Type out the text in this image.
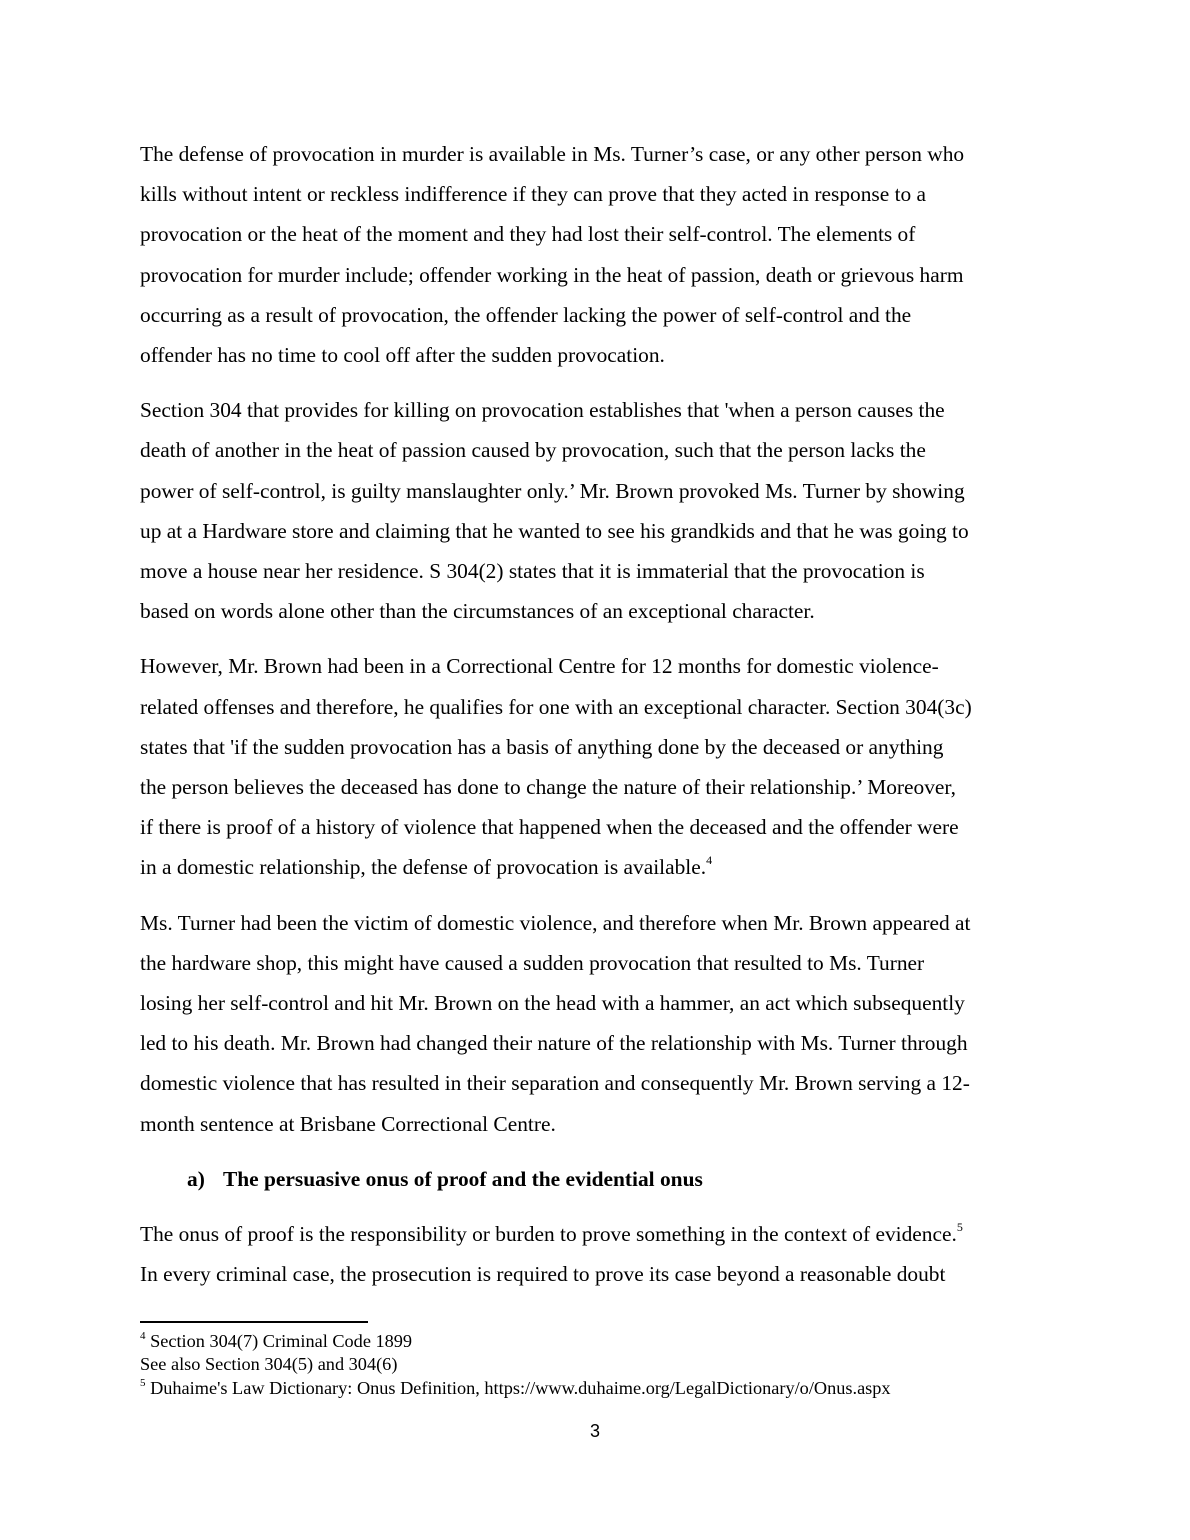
The defense of provocation in murder is available in Ms. Turner’s case, or any other person who
kills without intent or reckless indifference if they can prove that they acted in response to a
provocation or the heat of the moment and they had lost their self-control. The elements of
provocation for murder include; offender working in the heat of passion, death or grievous harm
occurring as a result of provocation, the offender lacking the power of self-control and the
offender has no time to cool off after the sudden provocation.

Section 304 that provides for killing on provocation establishes that 'when a person causes the
death of another in the heat of passion caused by provocation, such that the person lacks the
power of self-control, is guilty manslaughter only.’ Mr. Brown provoked Ms. Turner by showing
up at a Hardware store and claiming that he wanted to see his grandkids and that he was going to
move a house near her residence. S 304(2) states that it is immaterial that the provocation is
based on words alone other than the circumstances of an exceptional character.

However, Mr. Brown had been in a Correctional Centre for 12 months for domestic violence-
related offenses and therefore, he qualifies for one with an exceptional character. Section 304(3c)
states that 'if the sudden provocation has a basis of anything done by the deceased or anything
the person believes the deceased has done to change the nature of their relationship.’ Moreover,
if there is proof of a history of violence that happened when the deceased and the offender were
in a domestic relationship, the defense of provocation is available.$^4$

Ms. Turner had been the victim of domestic violence, and therefore when Mr. Brown appeared at
the hardware shop, this might have caused a sudden provocation that resulted to Ms. Turner
losing her self-control and hit Mr. Brown on the head with a hammer, an act which subsequently
led to his death. Mr. Brown had changed their nature of the relationship with Ms. Turner through
domestic violence that has resulted in their separation and consequently Mr. Brown serving a 12-
month sentence at Brisbane Correctional Centre.

a) The persuasive onus of proof and the evidential onus

The onus of proof is the responsibility or burden to prove something in the context of evidence.$^5$
In every criminal case, the prosecution is required to prove its case beyond a reasonable doubt

$^4$ Section 304(7) Criminal Code 1899
See also Section 304(5) and 304(6)
$^5$ Duhaime's Law Dictionary: Onus Definition, https://www.duhaime.org/LegalDictionary/o/Onus.aspx
3
